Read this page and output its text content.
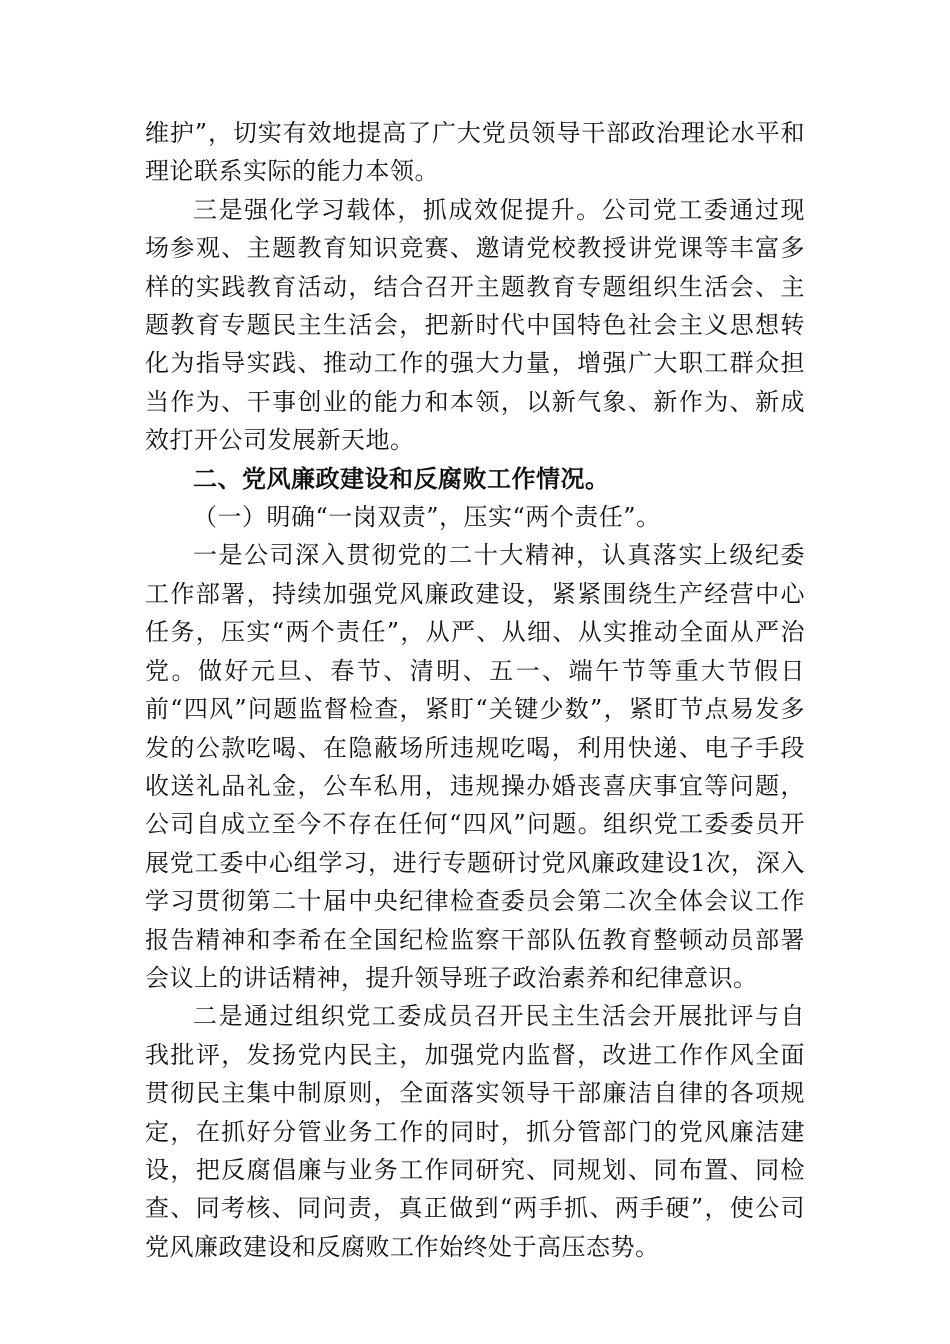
维护”，切实有效地提高了广大党员领导干部政治理论水平和理论联系实际的能力本领。

三是强化学习载体，抓成效促提升。公司党工委通过现场参观、主题教育知识竞赛、邀请党校教授讲党课等丰富多样的实践教育活动，结合召开主题教育专题组织生活会、主题教育专题民主生活会，把新时代中国特色社会主义思想转化为指导实践、推动工作的强大力量，增强广大职工群众担当作为、干事创业的能力和本领，以新气象、新作为、新成效打开公司发展新天地。

二、党风廉政建设和反腐败工作情况。

（一）明确“一岗双责”，压实“两个责任”。

一是公司深入贯彻党的二十大精神，认真落实上级纪委工作部署，持续加强党风廉政建设，紧紧围绕生产经营中心任务，压实“两个责任”，从严、从细、从实推动全面从严治党。做好元旦、春节、清明、五一、端午节等重大节假日前“四风”问题监督检查，紧盯“关键少数”，紧盯节点易发多发的公款吃喝、在隐蔽场所违规吃喝，利用快递、电子手段收送礼品礼金，公车私用，违规操办婚丧喜庆事宜等问题，公司自成立至今不存在任何“四风”问题。组织党工委委员开展党工委中心组学习，进行专题研讨党风廉政建设1次，深入学习贯彻第二十届中央纪律检查委员会第二次全体会议工作报告精神和李希在全国纪检监察干部队伍教育整顿动员部署会议上的讲话精神，提升领导班子政治素养和纪律意识。

二是通过组织党工委成员召开民主生活会开展批评与自我批评，发扬党内民主，加强党内监督，改进工作作风全面贯彻民主集中制原则，全面落实领导干部廉洁自律的各项规定，在抓好分管业务工作的同时，抓分管部门的党风廉洁建设，把反腐倡廉与业务工作同研究、同规划、同布置、同检查、同考核、同问责，真正做到“两手抓、两手硬”，使公司党风廉政建设和反腐败工作始终处于高压态势。
